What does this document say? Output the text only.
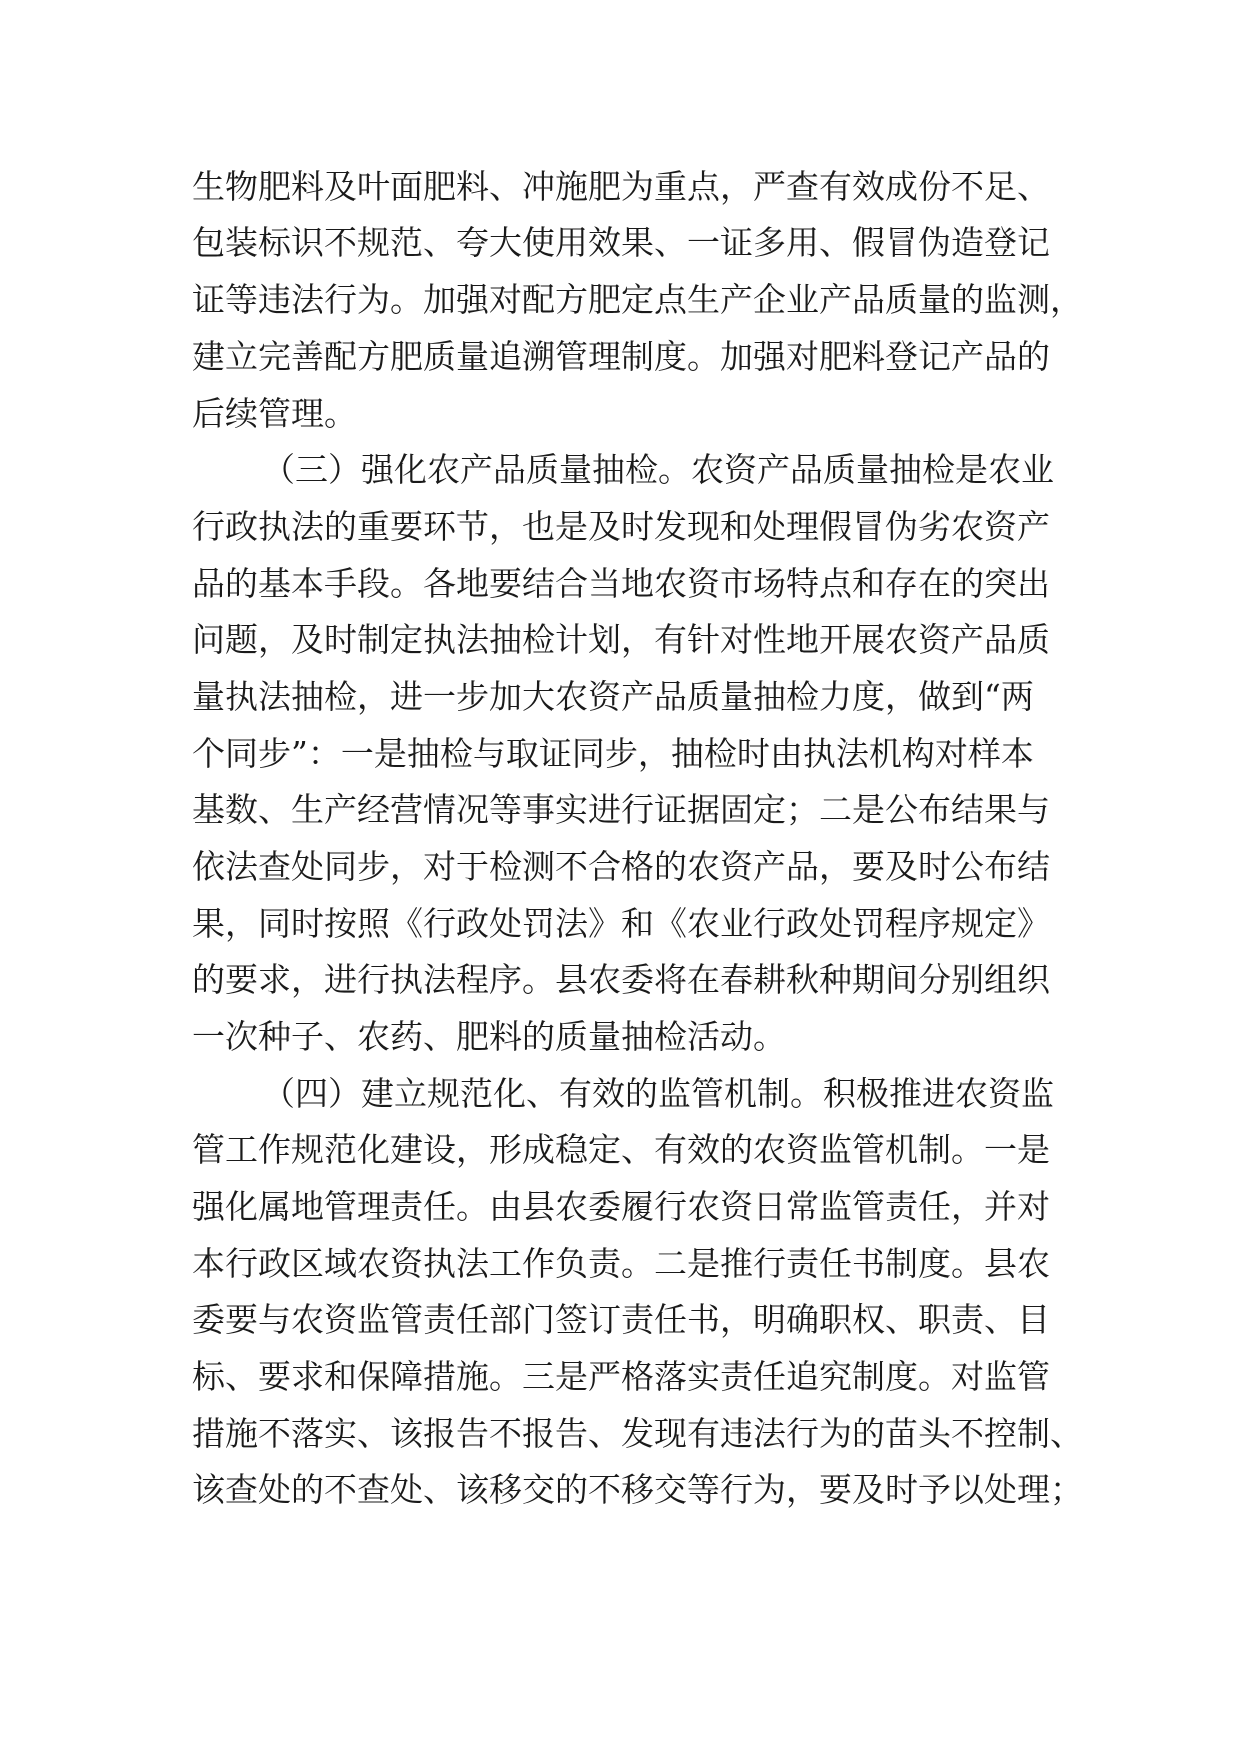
生物肥料及叶面肥料、冲施肥为重点，严查有效成份不足、

包装标识不规范、夸大使用效果、一证多用、假冒伪造登记

证等违法行为。加强对配方肥定点生产企业产品质量的监测，

建立完善配方肥质量追溯管理制度。加强对肥料登记产品的

后续管理。

（三）强化农产品质量抽检。农资产品质量抽检是农业

行政执法的重要环节，也是及时发现和处理假冒伪劣农资产

品的基本手段。各地要结合当地农资市场特点和存在的突出

问题，及时制定执法抽检计划，有针对性地开展农资产品质

量执法抽检，进一步加大农资产品质量抽检力度，做到“两

个同步”：一是抽检与取证同步，抽检时由执法机构对样本

基数、生产经营情况等事实进行证据固定；二是公布结果与

依法查处同步，对于检测不合格的农资产品，要及时公布结

果，同时按照《行政处罚法》和《农业行政处罚程序规定》

的要求，进行执法程序。县农委将在春耕秋种期间分别组织

一次种子、农药、肥料的质量抽检活动。

（四）建立规范化、有效的监管机制。积极推进农资监

管工作规范化建设，形成稳定、有效的农资监管机制。一是

强化属地管理责任。由县农委履行农资日常监管责任，并对

本行政区域农资执法工作负责。二是推行责任书制度。县农

委要与农资监管责任部门签订责任书，明确职权、职责、目

标、要求和保障措施。三是严格落实责任追究制度。对监管

措施不落实、该报告不报告、发现有违法行为的苗头不控制、

该查处的不查处、该移交的不移交等行为，要及时予以处理；
